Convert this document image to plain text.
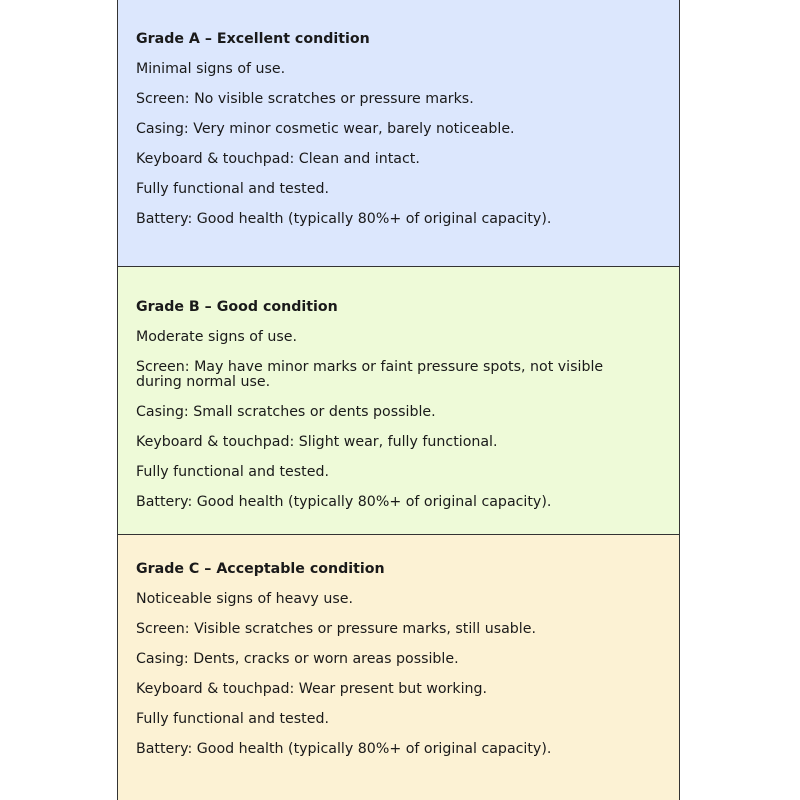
Grade A – Excellent condition

Minimal signs of use.

Screen: No visible scratches or pressure marks.

Casing: Very minor cosmetic wear, barely noticeable.

Keyboard & touchpad: Clean and intact.

Fully functional and tested.

Battery: Good health (typically 80%+ of original capacity).

Grade B – Good condition

Moderate signs of use.

Screen: May have minor marks or faint pressure spots, not visible during normal use.

Casing: Small scratches or dents possible.

Keyboard & touchpad: Slight wear, fully functional.

Fully functional and tested.

Battery: Good health (typically 80%+ of original capacity).

Grade C – Acceptable condition

Noticeable signs of heavy use.

Screen: Visible scratches or pressure marks, still usable.

Casing: Dents, cracks or worn areas possible.

Keyboard & touchpad: Wear present but working.

Fully functional and tested.

Battery: Good health (typically 80%+ of original capacity).
